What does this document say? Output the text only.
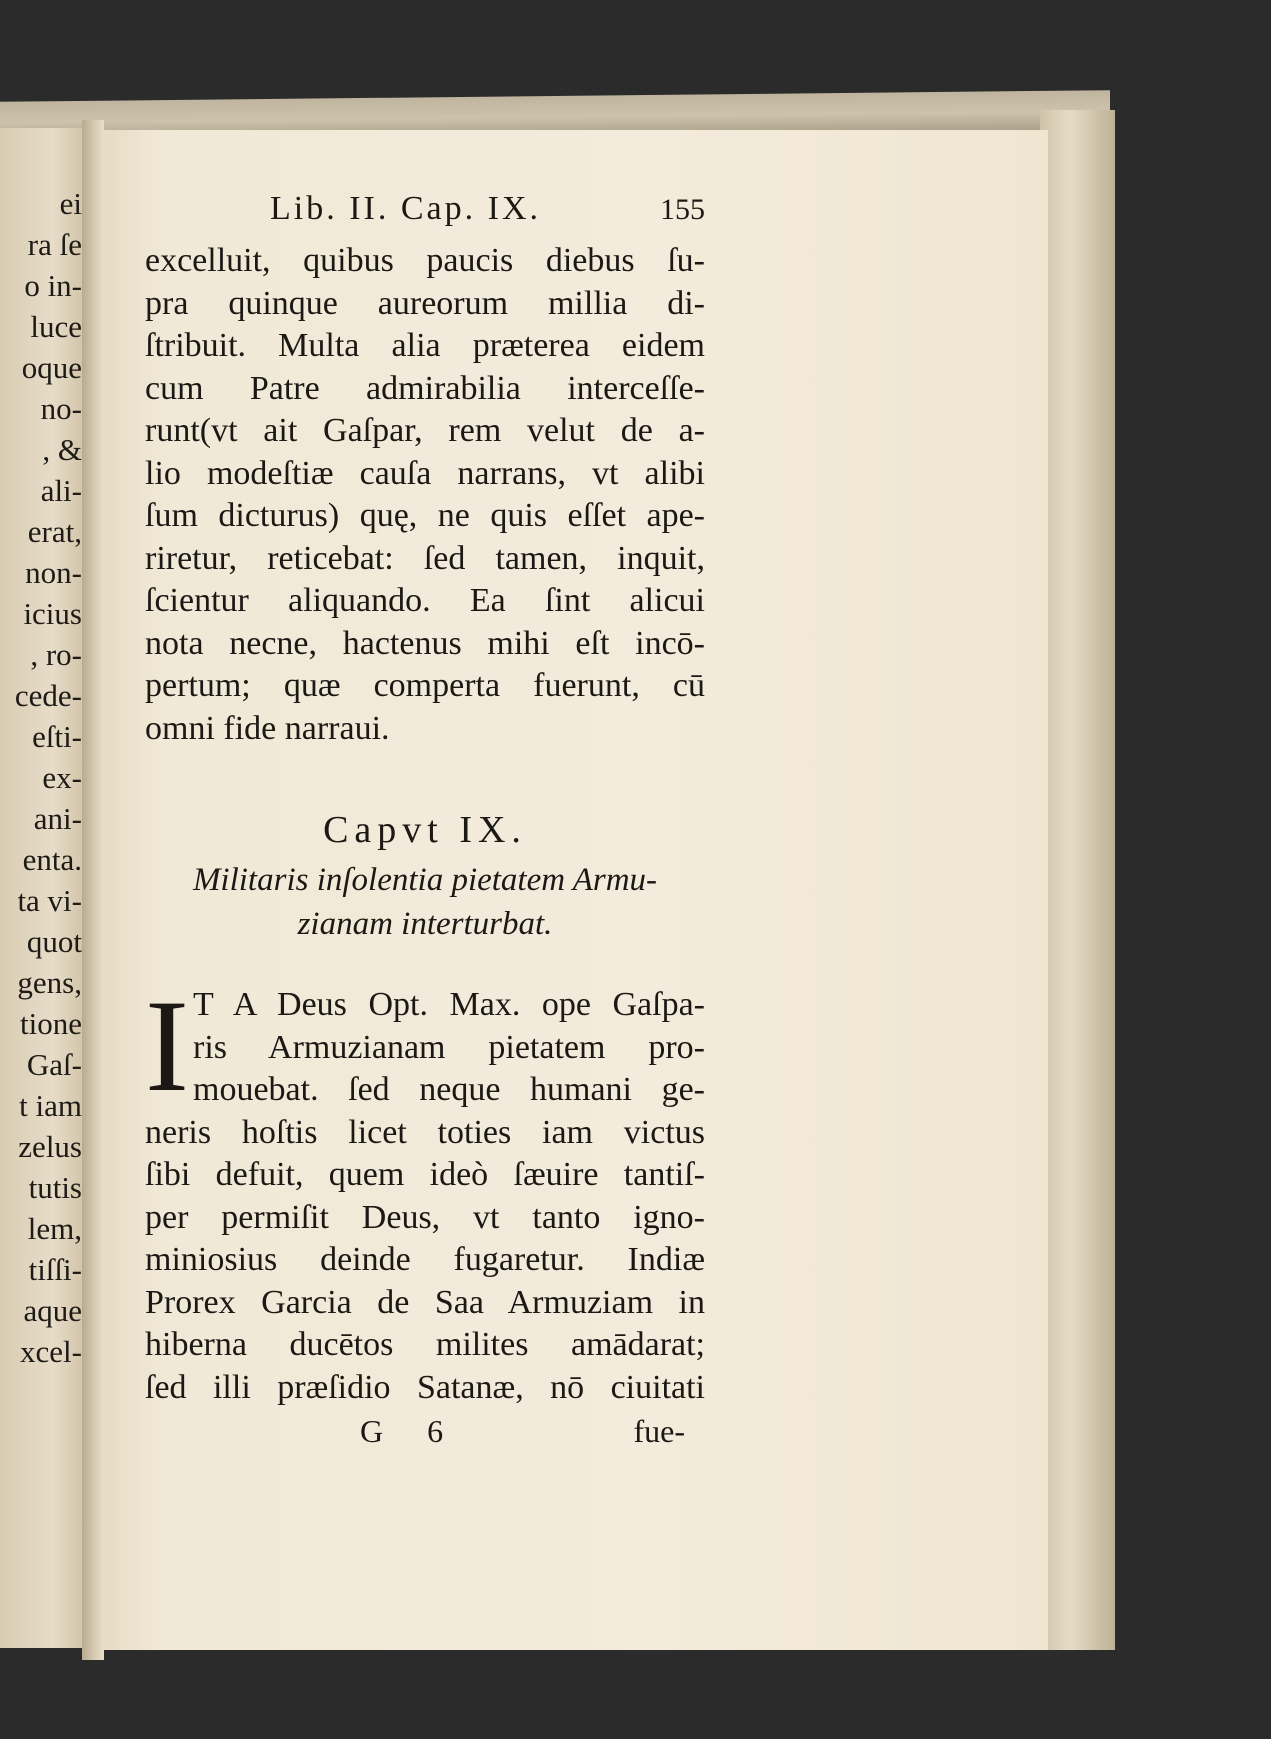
ei
ra ſe
o in-
luce
oque
no-
, &
ali-
erat,
non-
icius
, ro-
cede-
eſti-
ex-
ani-
enta.
ta vi-
quot
gens,
tione
Gaſ-
t iam
zelus
tutis
lem,
tiſſi-
aque
xcel-
Lib. II. Cap. IX.	155
excelluit, quibus paucis diebus ſu-
pra quinque aureorum millia di-
ſtribuit. Multa alia præterea eidem
cum Patre admirabilia interceſſe-
runt(vt ait Gaſpar, rem velut de a-
lio modeſtiæ cauſa narrans, vt alibi
ſum dicturus) quę, ne quis eſſet ape-
riretur, reticebat: ſed tamen, inquit,
ſcientur aliquando. Ea ſint alicui
nota necne, hactenus mihi eſt incō-
pertum; quæ comperta fuerunt, cū
omni fide narraui.
Capvt IX.
Militaris inſolentia pietatem Armu-
zianam interturbat.
I T A Deus Opt. Max. ope Gaſpa-
ris Armuzianam pietatem pro-
mouebat. ſed neque humani ge-
neris hoſtis licet toties iam victus
ſibi defuit, quem ideò ſæuire tantiſ-
per permiſit Deus, vt tanto igno-
miniosius deinde fugaretur. Indiæ
Prorex Garcia de Saa Armuziam in
hiberna ducētos milites amādarat;
ſed illi præſidio Satanæ, nō ciuitati
G 6	fue-
